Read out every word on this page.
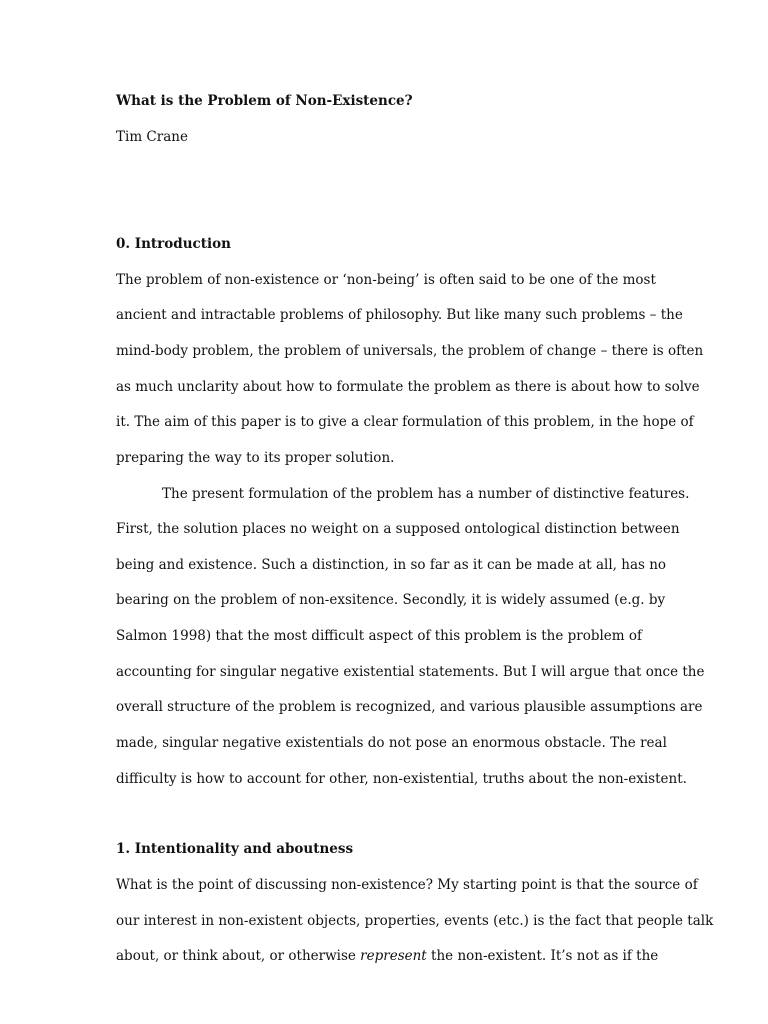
What is the Problem of Non-Existence?
Tim Crane
0. Introduction
The problem of non-existence or ‘non-being’ is often said to be one of the most
ancient and intractable problems of philosophy. But like many such problems – the
mind-body problem, the problem of universals, the problem of change – there is often
as much unclarity about how to formulate the problem as there is about how to solve
it. The aim of this paper is to give a clear formulation of this problem, in the hope of
preparing the way to its proper solution.
The present formulation of the problem has a number of distinctive features.
First, the solution places no weight on a supposed ontological distinction between
being and existence. Such a distinction, in so far as it can be made at all, has no
bearing on the problem of non-exsitence. Secondly, it is widely assumed (e.g. by
Salmon 1998) that the most difficult aspect of this problem is the problem of
accounting for singular negative existential statements. But I will argue that once the
overall structure of the problem is recognized, and various plausible assumptions are
made, singular negative existentials do not pose an enormous obstacle. The real
difficulty is how to account for other, non-existential, truths about the non-existent.
1. Intentionality and aboutness
What is the point of discussing non-existence? My starting point is that the source of
our interest in non-existent objects, properties, events (etc.) is the fact that people talk
about, or think about, or otherwise represent the non-existent. It’s not as if the
